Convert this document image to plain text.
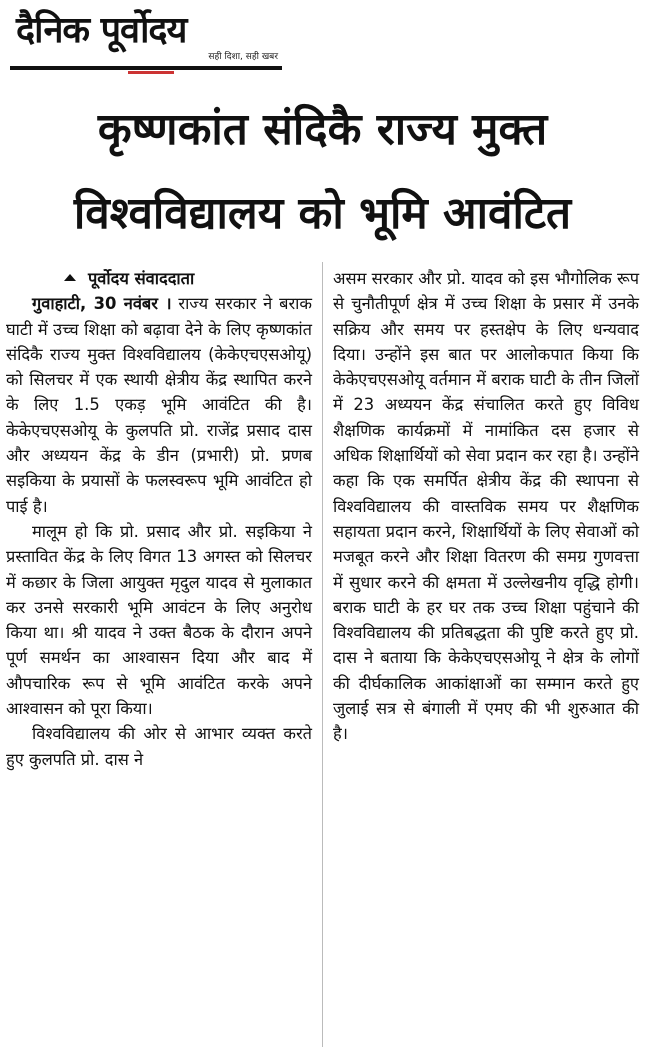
दैनिक पूर्वोदय
सही दिशा, सही खबर
कृष्णकांत संदिकै राज्य मुक्त
विश्वविद्यालय को भूमि आवंटित
पूर्वोदय संवाददाता

गुवाहाटी, 30 नवंबर । राज्य सरकार ने बराक घाटी में उच्च शिक्षा को बढ़ावा देने के लिए कृष्णकांत संदिकै राज्य मुक्त विश्वविद्यालय (केकेएचएसओयू) को सिलचर में एक स्थायी क्षेत्रीय केंद्र स्थापित करने के लिए 1.5 एकड़ भूमि आवंटित की है। केकेएचएसओयू के कुलपति प्रो. राजेंद्र प्रसाद दास और अध्ययन केंद्र के डीन (प्रभारी) प्रो. प्रणब सइकिया के प्रयासों के फलस्वरूप भूमि आवंटित हो पाई है।

मालूम हो कि प्रो. प्रसाद और प्रो. सइकिया ने प्रस्तावित केंद्र के लिए विगत 13 अगस्त को सिलचर में कछार के जिला आयुक्त मृदुल यादव से मुलाकात कर उनसे सरकारी भूमि आवंटन के लिए अनुरोध किया था। श्री यादव ने उक्त बैठक के दौरान अपने पूर्ण समर्थन का आश्वासन दिया और बाद में औपचारिक रूप से भूमि आवंटित करके अपने आश्वासन को पूरा किया।

विश्वविद्यालय की ओर से आभार व्यक्त करते हुए कुलपति प्रो. दास ने

असम सरकार और प्रो. यादव को इस भौगोलिक रूप से चुनौतीपूर्ण क्षेत्र में उच्च शिक्षा के प्रसार में उनके सक्रिय और समय पर हस्तक्षेप के लिए धन्यवाद दिया। उन्होंने इस बात पर आलोकपात किया कि केकेएचएसओयू वर्तमान में बराक घाटी के तीन जिलों में 23 अध्ययन केंद्र संचालित करते हुए विविध शैक्षणिक कार्यक्रमों में नामांकित दस हजार से अधिक शिक्षार्थियों को सेवा प्रदान कर रहा है। उन्होंने कहा कि एक समर्पित क्षेत्रीय केंद्र की स्थापना से विश्वविद्यालय की वास्तविक समय पर शैक्षणिक सहायता प्रदान करने, शिक्षार्थियों के लिए सेवाओं को मजबूत करने और शिक्षा वितरण की समग्र गुणवत्ता में सुधार करने की क्षमता में उल्लेखनीय वृद्धि होगी। बराक घाटी के हर घर तक उच्च शिक्षा पहुंचाने की विश्वविद्यालय की प्रतिबद्धता की पुष्टि करते हुए प्रो. दास ने बताया कि केकेएचएसओयू ने क्षेत्र के लोगों की दीर्घकालिक आकांक्षाओं का सम्मान करते हुए जुलाई सत्र से बंगाली में एमए की भी शुरुआत की है।
